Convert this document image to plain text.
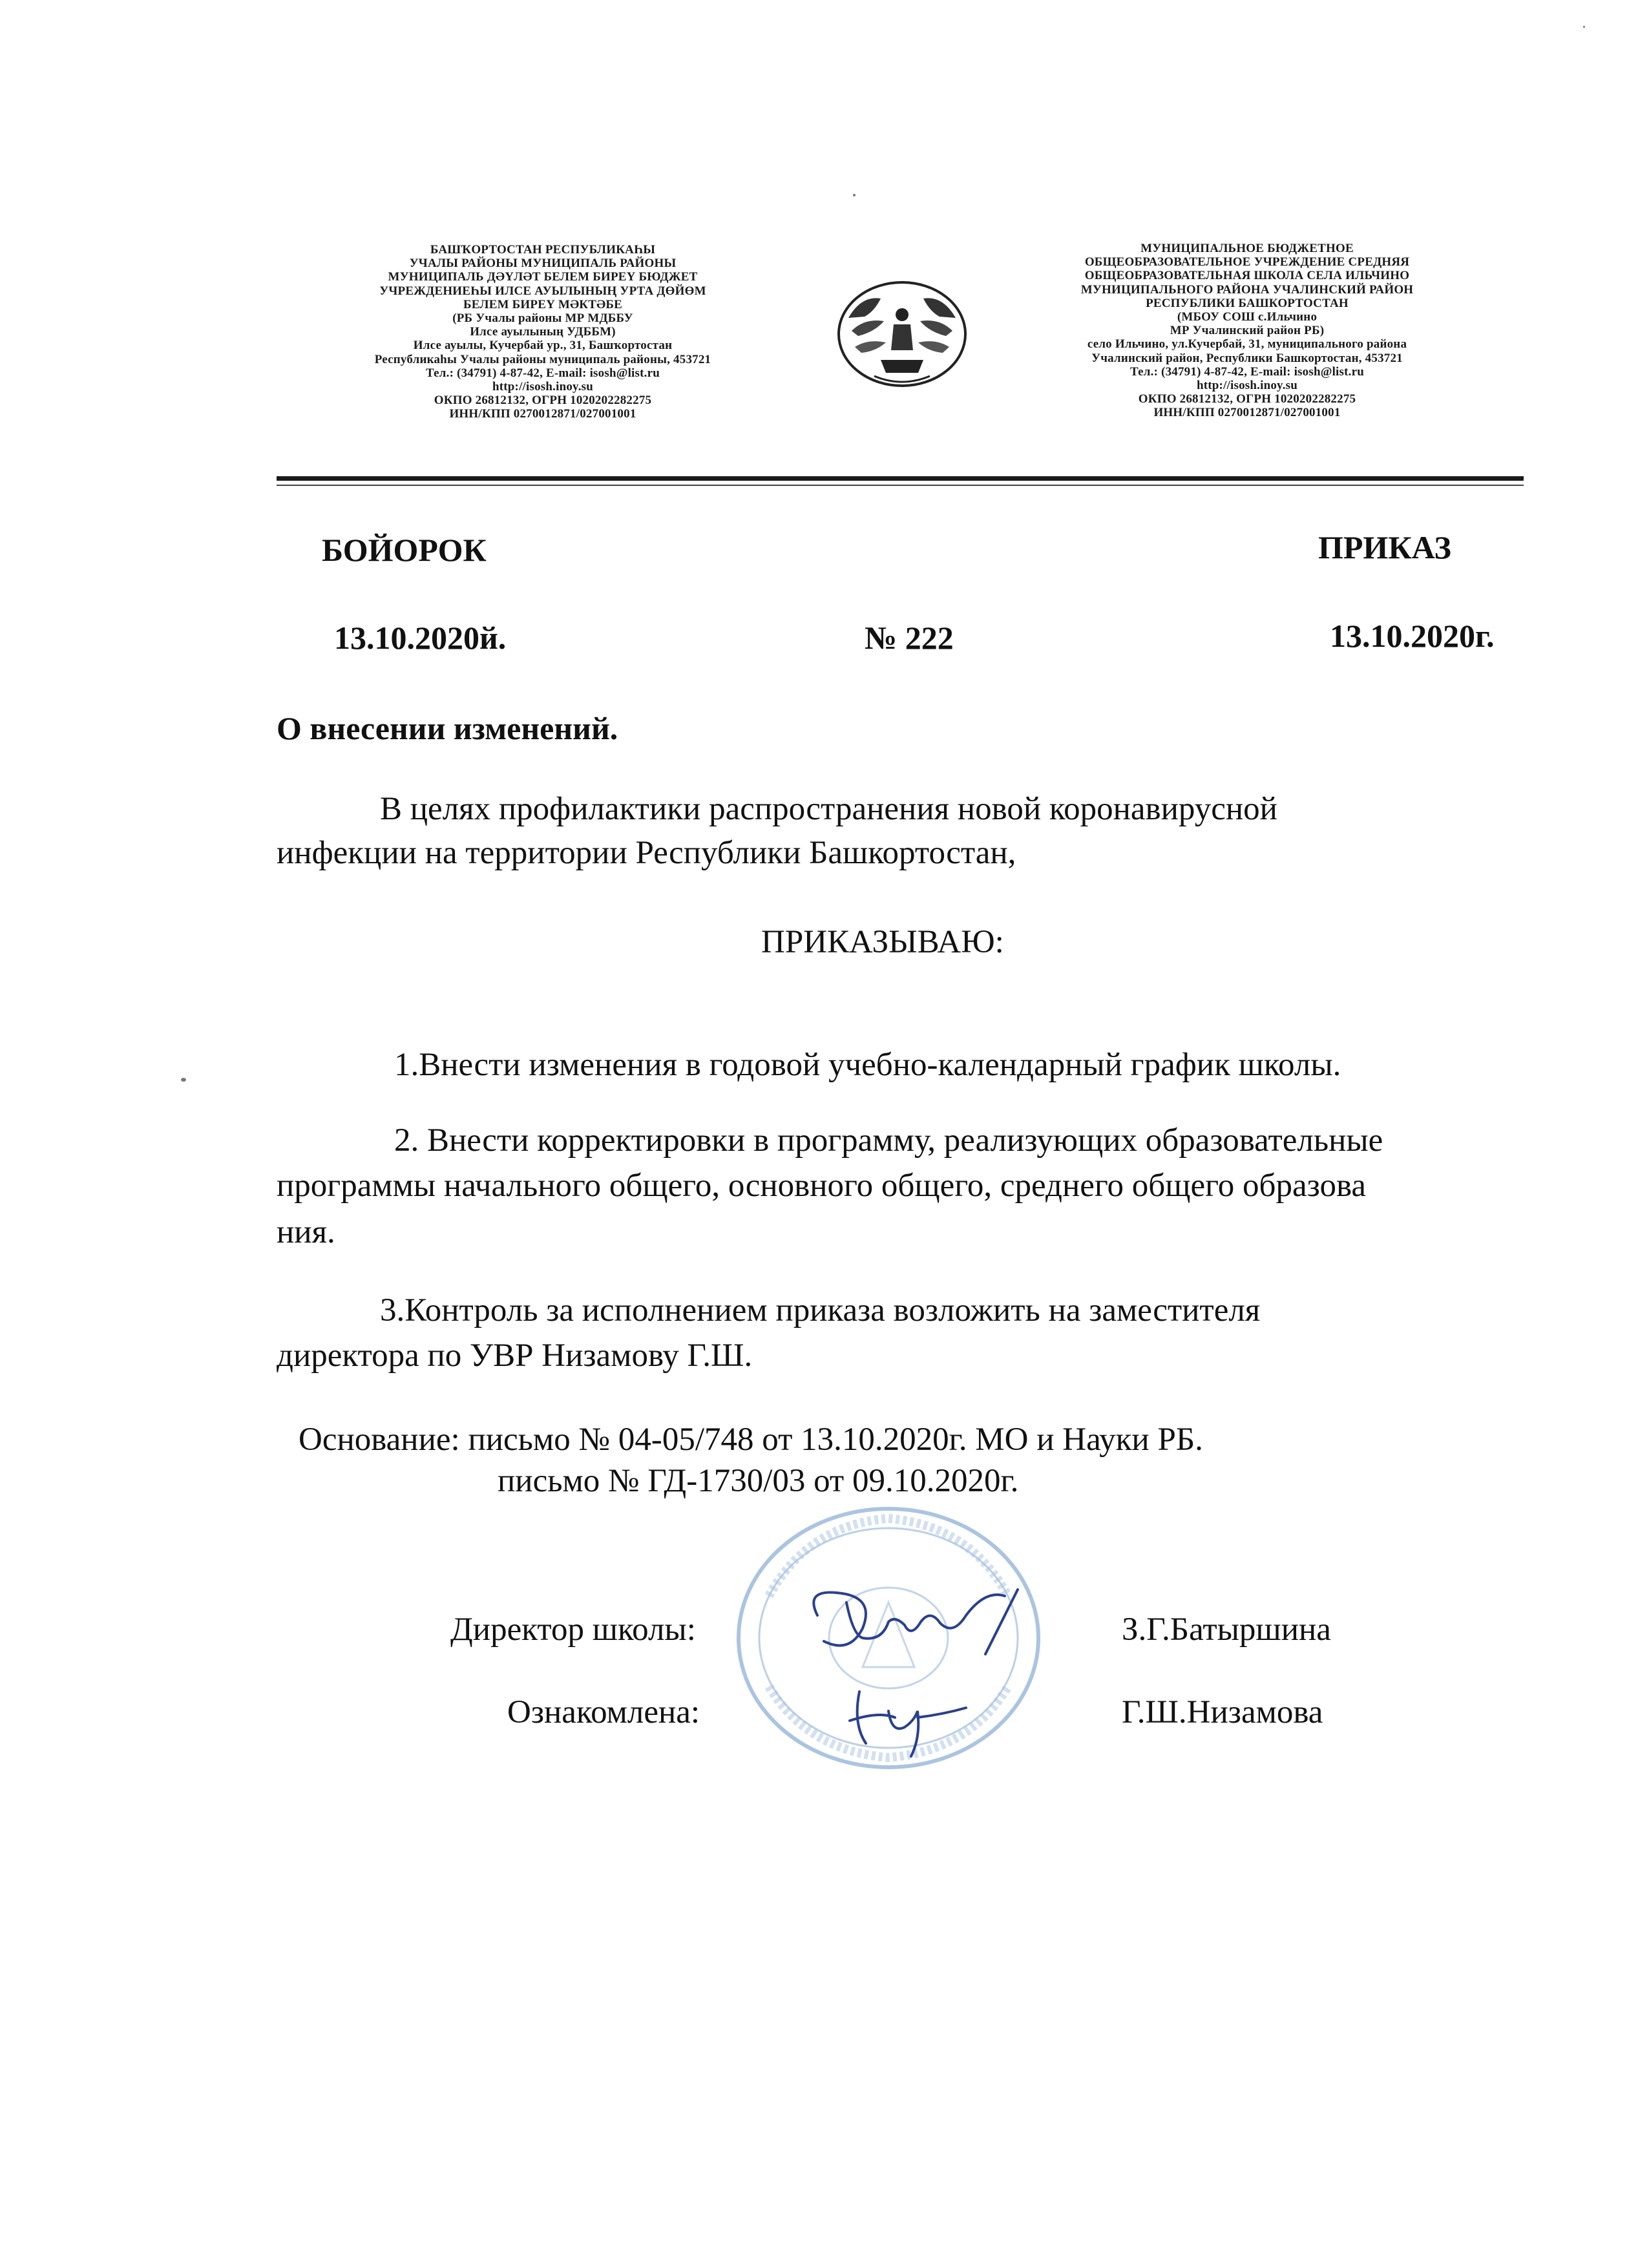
БАШҠОРТОСТАН РЕСПУБЛИКАҺЫ
УЧАЛЫ РАЙОНЫ МУНИЦИПАЛЬ РАЙОНЫ
МУНИЦИПАЛЬ ДӘҮЛӘТ БЕЛЕМ БИРЕҮ БЮДЖЕТ
УЧРЕЖДЕНИЕҺЫ ИЛСЕ АУЫЛЫНЫҢ УРТА ДӨЙӨМ
БЕЛЕМ БИРЕҮ МӘКТӘБЕ
(РБ Учалы районы МР МДББУ
Илсе ауылының УДББМ)
Илсе ауылы, Кучербай ур., 31, Башҡортостан
Республикаһы Учалы районы муниципаль районы, 453721
Тел.: (34791) 4-87-42, E-mail: isosh@list.ru
http://isosh.inoy.su
ОКПО 26812132, ОГРН 1020202282275
ИНН/КПП 0270012871/027001001
МУНИЦИПАЛЬНОЕ БЮДЖЕТНОЕ
ОБЩЕОБРАЗОВАТЕЛЬНОЕ УЧРЕЖДЕНИЕ СРЕДНЯЯ
ОБЩЕОБРАЗОВАТЕЛЬНАЯ ШКОЛА СЕЛА ИЛЬЧИНО
МУНИЦИПАЛЬНОГО РАЙОНА УЧАЛИНСКИЙ РАЙОН
РЕСПУБЛИКИ БАШКОРТОСТАН
(МБОУ СОШ с.Ильчино
МР Учалинский район РБ)
село Ильчино, ул.Кучербай, 31, муниципального района
Учалинский район, Республики Башкортостан, 453721
Тел.: (34791) 4-87-42, E-mail: isosh@list.ru
http://isosh.inoy.su
ОКПО 26812132, ОГРН 1020202282275
ИНН/КПП 0270012871/027001001
БОЙОРОК	ПРИКАЗ
13.10.2020й.	№ 222	13.10.2020г.
О внесении изменений.
В целях профилактики распространения новой коронавирусной
инфекции на территории Республики Башкортостан,
ПРИКАЗЫВАЮ:
1.Внести изменения в годовой учебно-календарный график школы.
2. Внести корректировки в программу, реализующих образовательные
программы начального общего, основного общего, среднего общего образова
ния.
3.Контроль за исполнением приказа возложить на заместителя
директора по УВР Низамову Г.Ш.
Основание: письмо № 04-05/748 от 13.10.2020г. МО и Науки РБ.
письмо № ГД-1730/03 от 09.10.2020г.
Директор школы:	З.Г.Батыршина
Ознакомлена:	Г.Ш.Низамова
